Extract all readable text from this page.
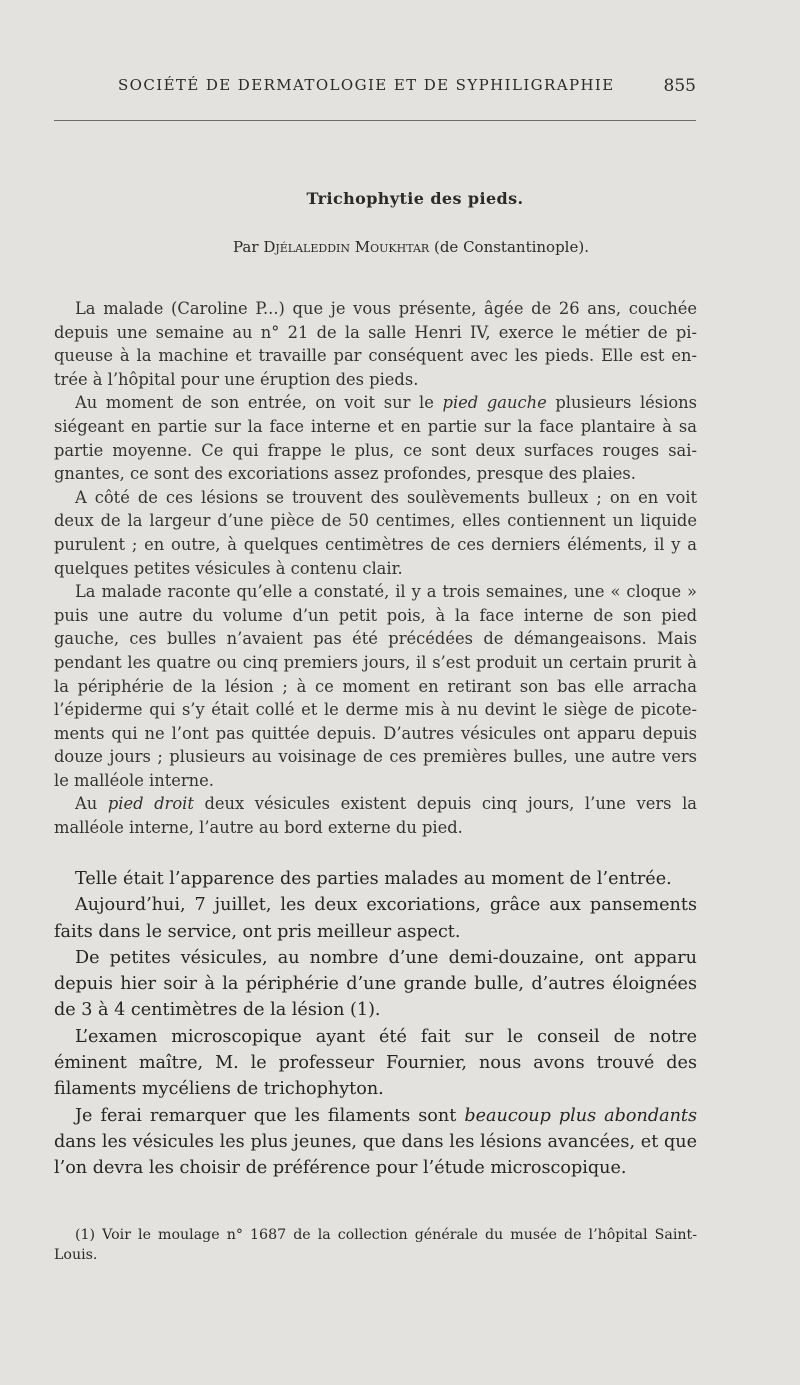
SOCIÉTÉ DE DERMATOLOGIE ET DE SYPHILIGRAPHIE	855
Trichophytie des pieds.
Par Djélaleddin Moukhtar (de Constantinople).

La malade (Caroline P...) que je vous présente, âgée de 26 ans, couchée depuis une semaine au n° 21 de la salle Henri IV, exerce le métier de piqueuse à la machine et travaille par conséquent avec les pieds. Elle est entrée à l’hôpital pour une éruption des pieds.

Au moment de son entrée, on voit sur le pied gauche plusieurs lésions siégeant en partie sur la face interne et en partie sur la face plantaire à sa partie moyenne. Ce qui frappe le plus, ce sont deux surfaces rouges saignantes, ce sont des excoriations assez profondes, presque des plaies.

A côté de ces lésions se trouvent des soulèvements bulleux ; on en voit deux de la largeur d’une pièce de 50 centimes, elles contiennent un liquide purulent ; en outre, à quelques centimètres de ces derniers éléments, il y a quelques petites vésicules à contenu clair.

La malade raconte qu’elle a constaté, il y a trois semaines, une « cloque » puis une autre du volume d’un petit pois, à la face interne de son pied gauche, ces bulles n’avaient pas été précédées de démangeaisons. Mais pendant les quatre ou cinq premiers jours, il s’est produit un certain prurit à la périphérie de la lésion ; à ce moment en retirant son bas elle arracha l’épiderme qui s’y était collé et le derme mis à nu devint le siège de picotements qui ne l’ont pas quittée depuis. D’autres vésicules ont apparu depuis douze jours ; plusieurs au voisinage de ces premières bulles, une autre vers le malléole interne.

Au pied droit deux vésicules existent depuis cinq jours, l’une vers la malléole interne, l’autre au bord externe du pied.

Telle était l’apparence des parties malades au moment de l’entrée.

Aujourd’hui, 7 juillet, les deux excoriations, grâce aux pansements faits dans le service, ont pris meilleur aspect.

De petites vésicules, au nombre d’une demi-douzaine, ont apparu depuis hier soir à la périphérie d’une grande bulle, d’autres éloignées de 3 à 4 centimètres de la lésion (1).

L’examen microscopique ayant été fait sur le conseil de notre éminent maître, M. le professeur Fournier, nous avons trouvé des filaments mycéliens de trichophyton.

Je ferai remarquer que les filaments sont beaucoup plus abondants dans les vésicules les plus jeunes, que dans les lésions avancées, et que l’on devra les choisir de préférence pour l’étude microscopique.

(1) Voir le moulage n° 1687 de la collection générale du musée de l’hôpital Saint-Louis.
